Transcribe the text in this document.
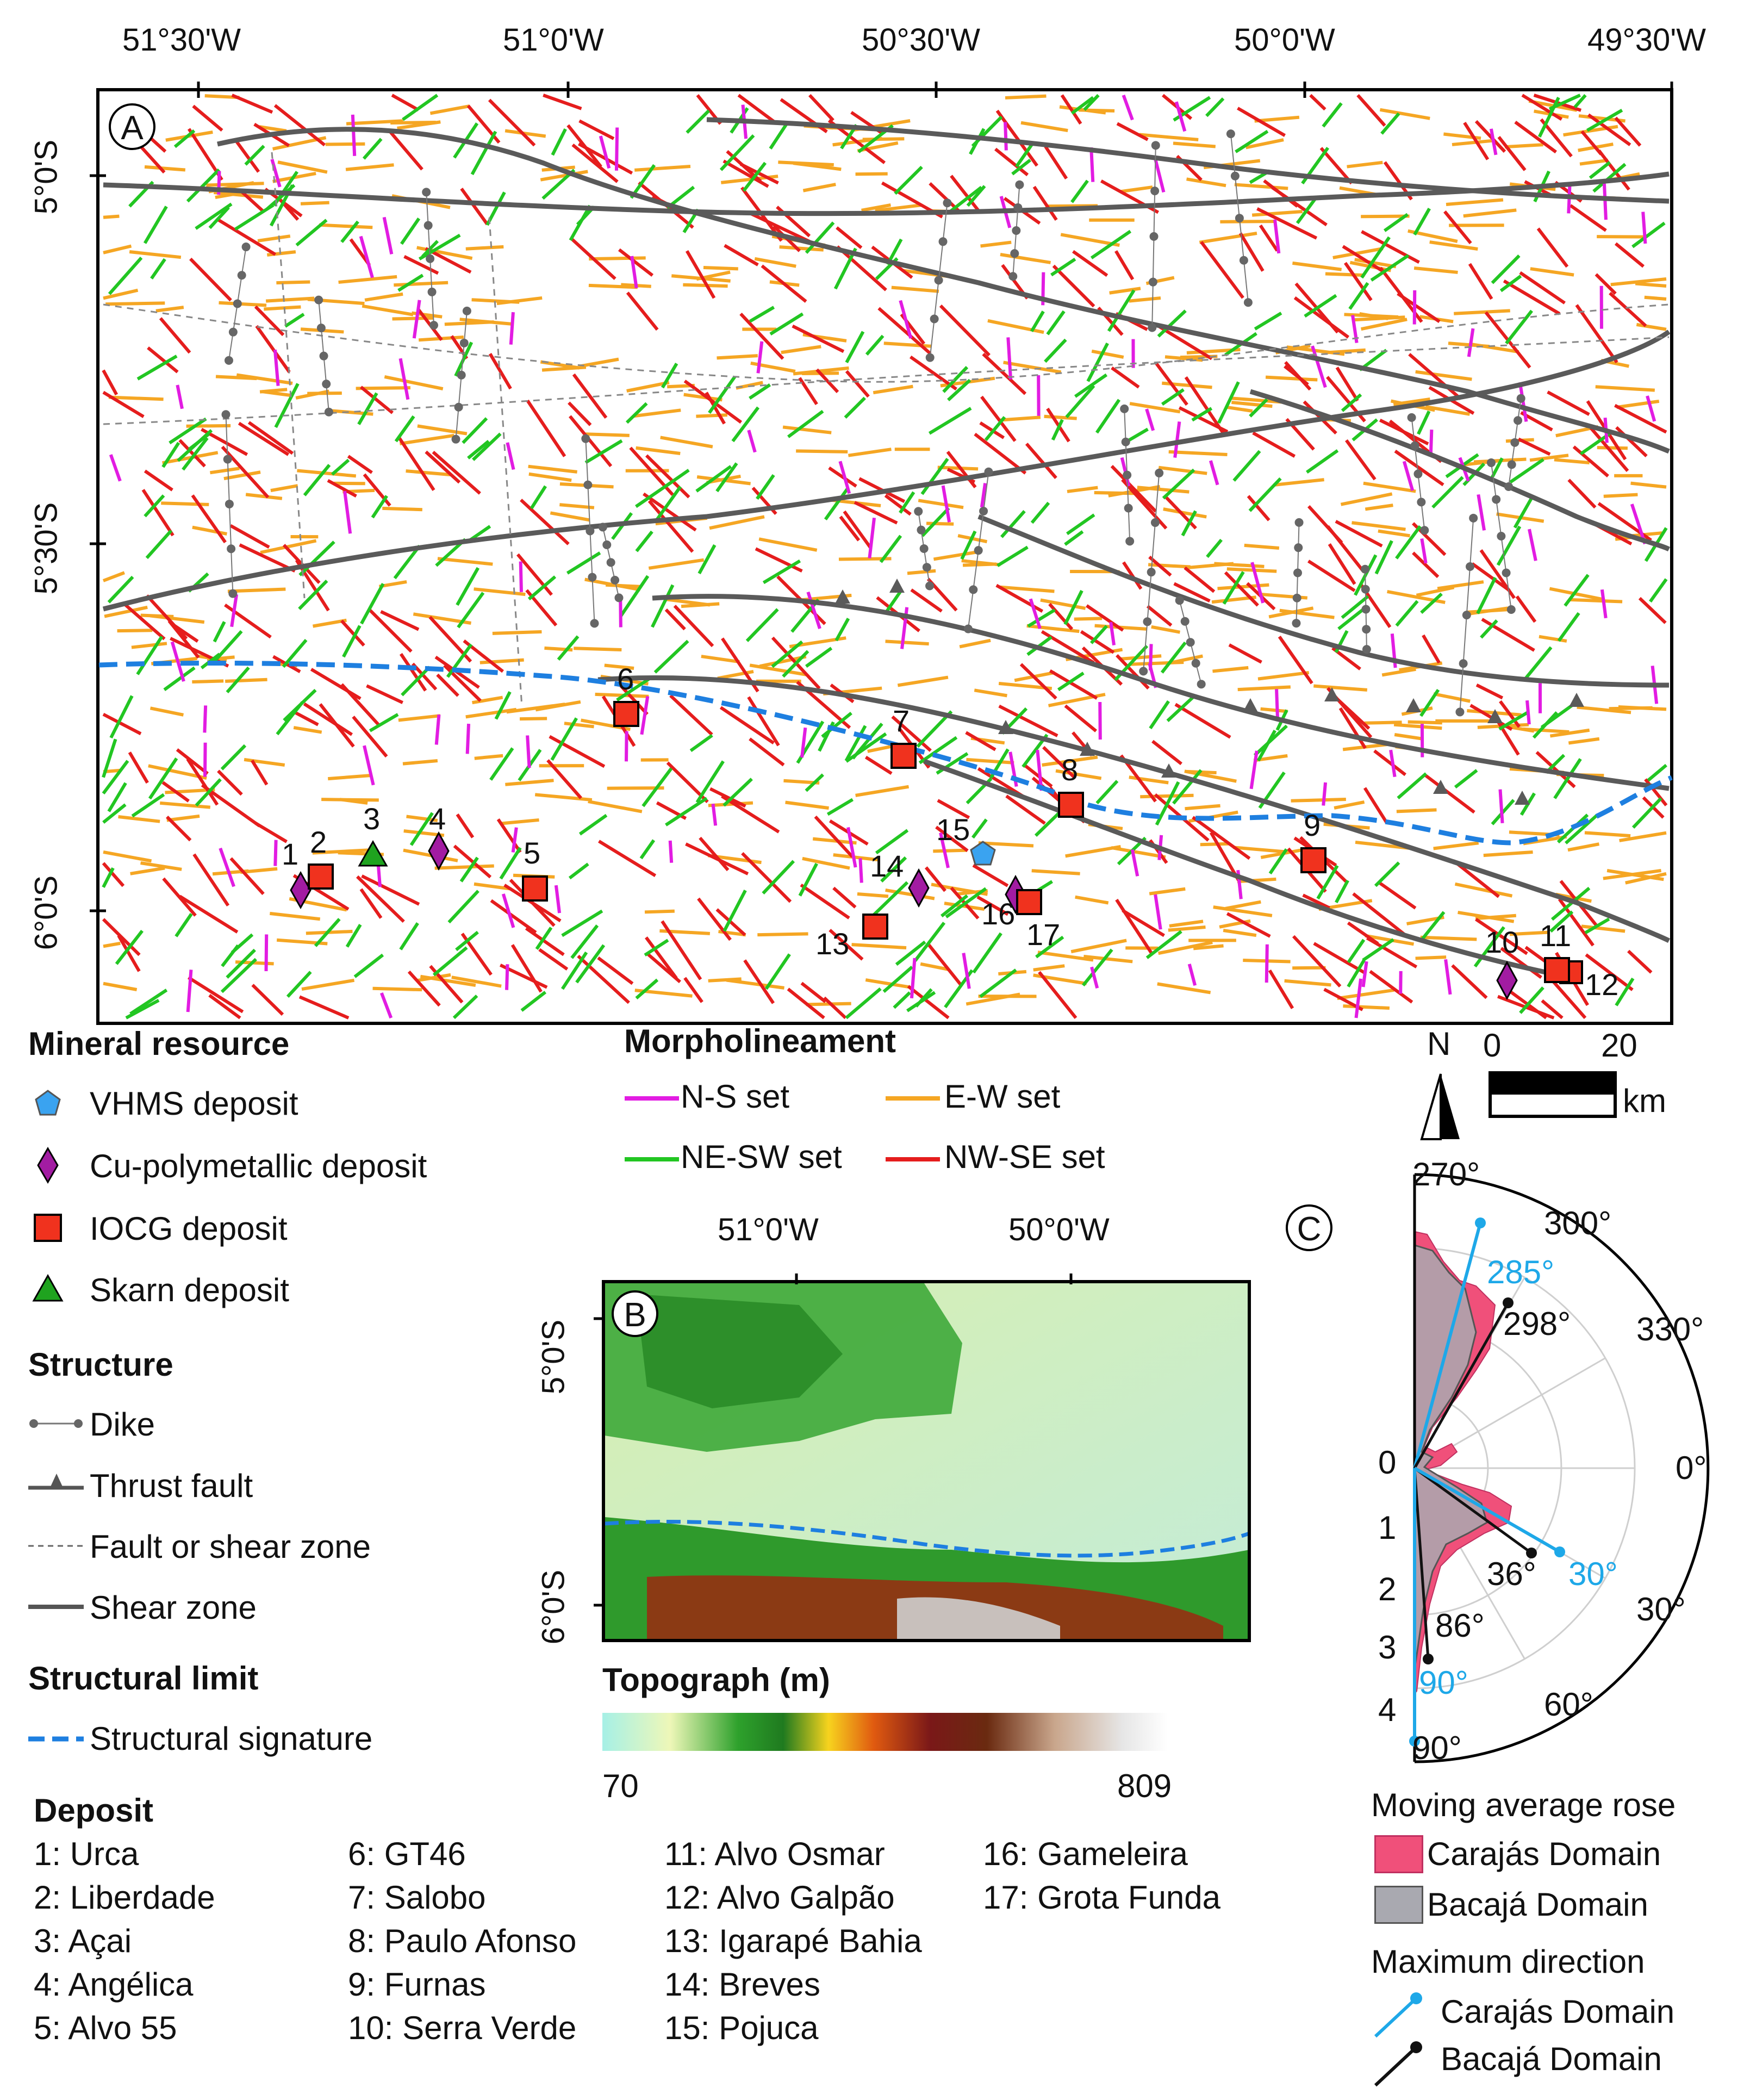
51°30'W	51°0'W	50°30'W	50°0'W	49°30'W
5°0'S
5°30'S
6°0'S
1 2
3 4
5
6
7
8
9
10 11
12
13
14
15
16
17
A
Mineral resource
VHMS deposit
Cu-polymetallic deposit
IOCG deposit
Skarn deposit
Structure
Dike
Thrust fault
Fault or shear zone
Shear zone
Structural limit
Structural signature
Morpholineament
N-S set	E-W set
NE-SW set	NW-SE set
N 0	20
km
51°0'W	50°0'W
5°0'S
6°0'S
B
Topograph (m)
70	809
C
270°
300°
330°
0°
30°
60°
90°
0
1
2
3
4
285°
298°
36° 30°
86°
90°
Moving average rose
Carajás Domain
Bacajá Domain
Maximum direction
Carajás Domain
Bacajá Domain
Deposit
1: Urca
2: Liberdade
3: Açai
4: Angélica
5: Alvo 55
6: GT46
7: Salobo
8: Paulo Afonso
9: Furnas
10: Serra Verde
11: Alvo Osmar
12: Alvo Galpão
13: Igarapé Bahia
14: Breves
15: Pojuca
16: Gameleira
17: Grota Funda
